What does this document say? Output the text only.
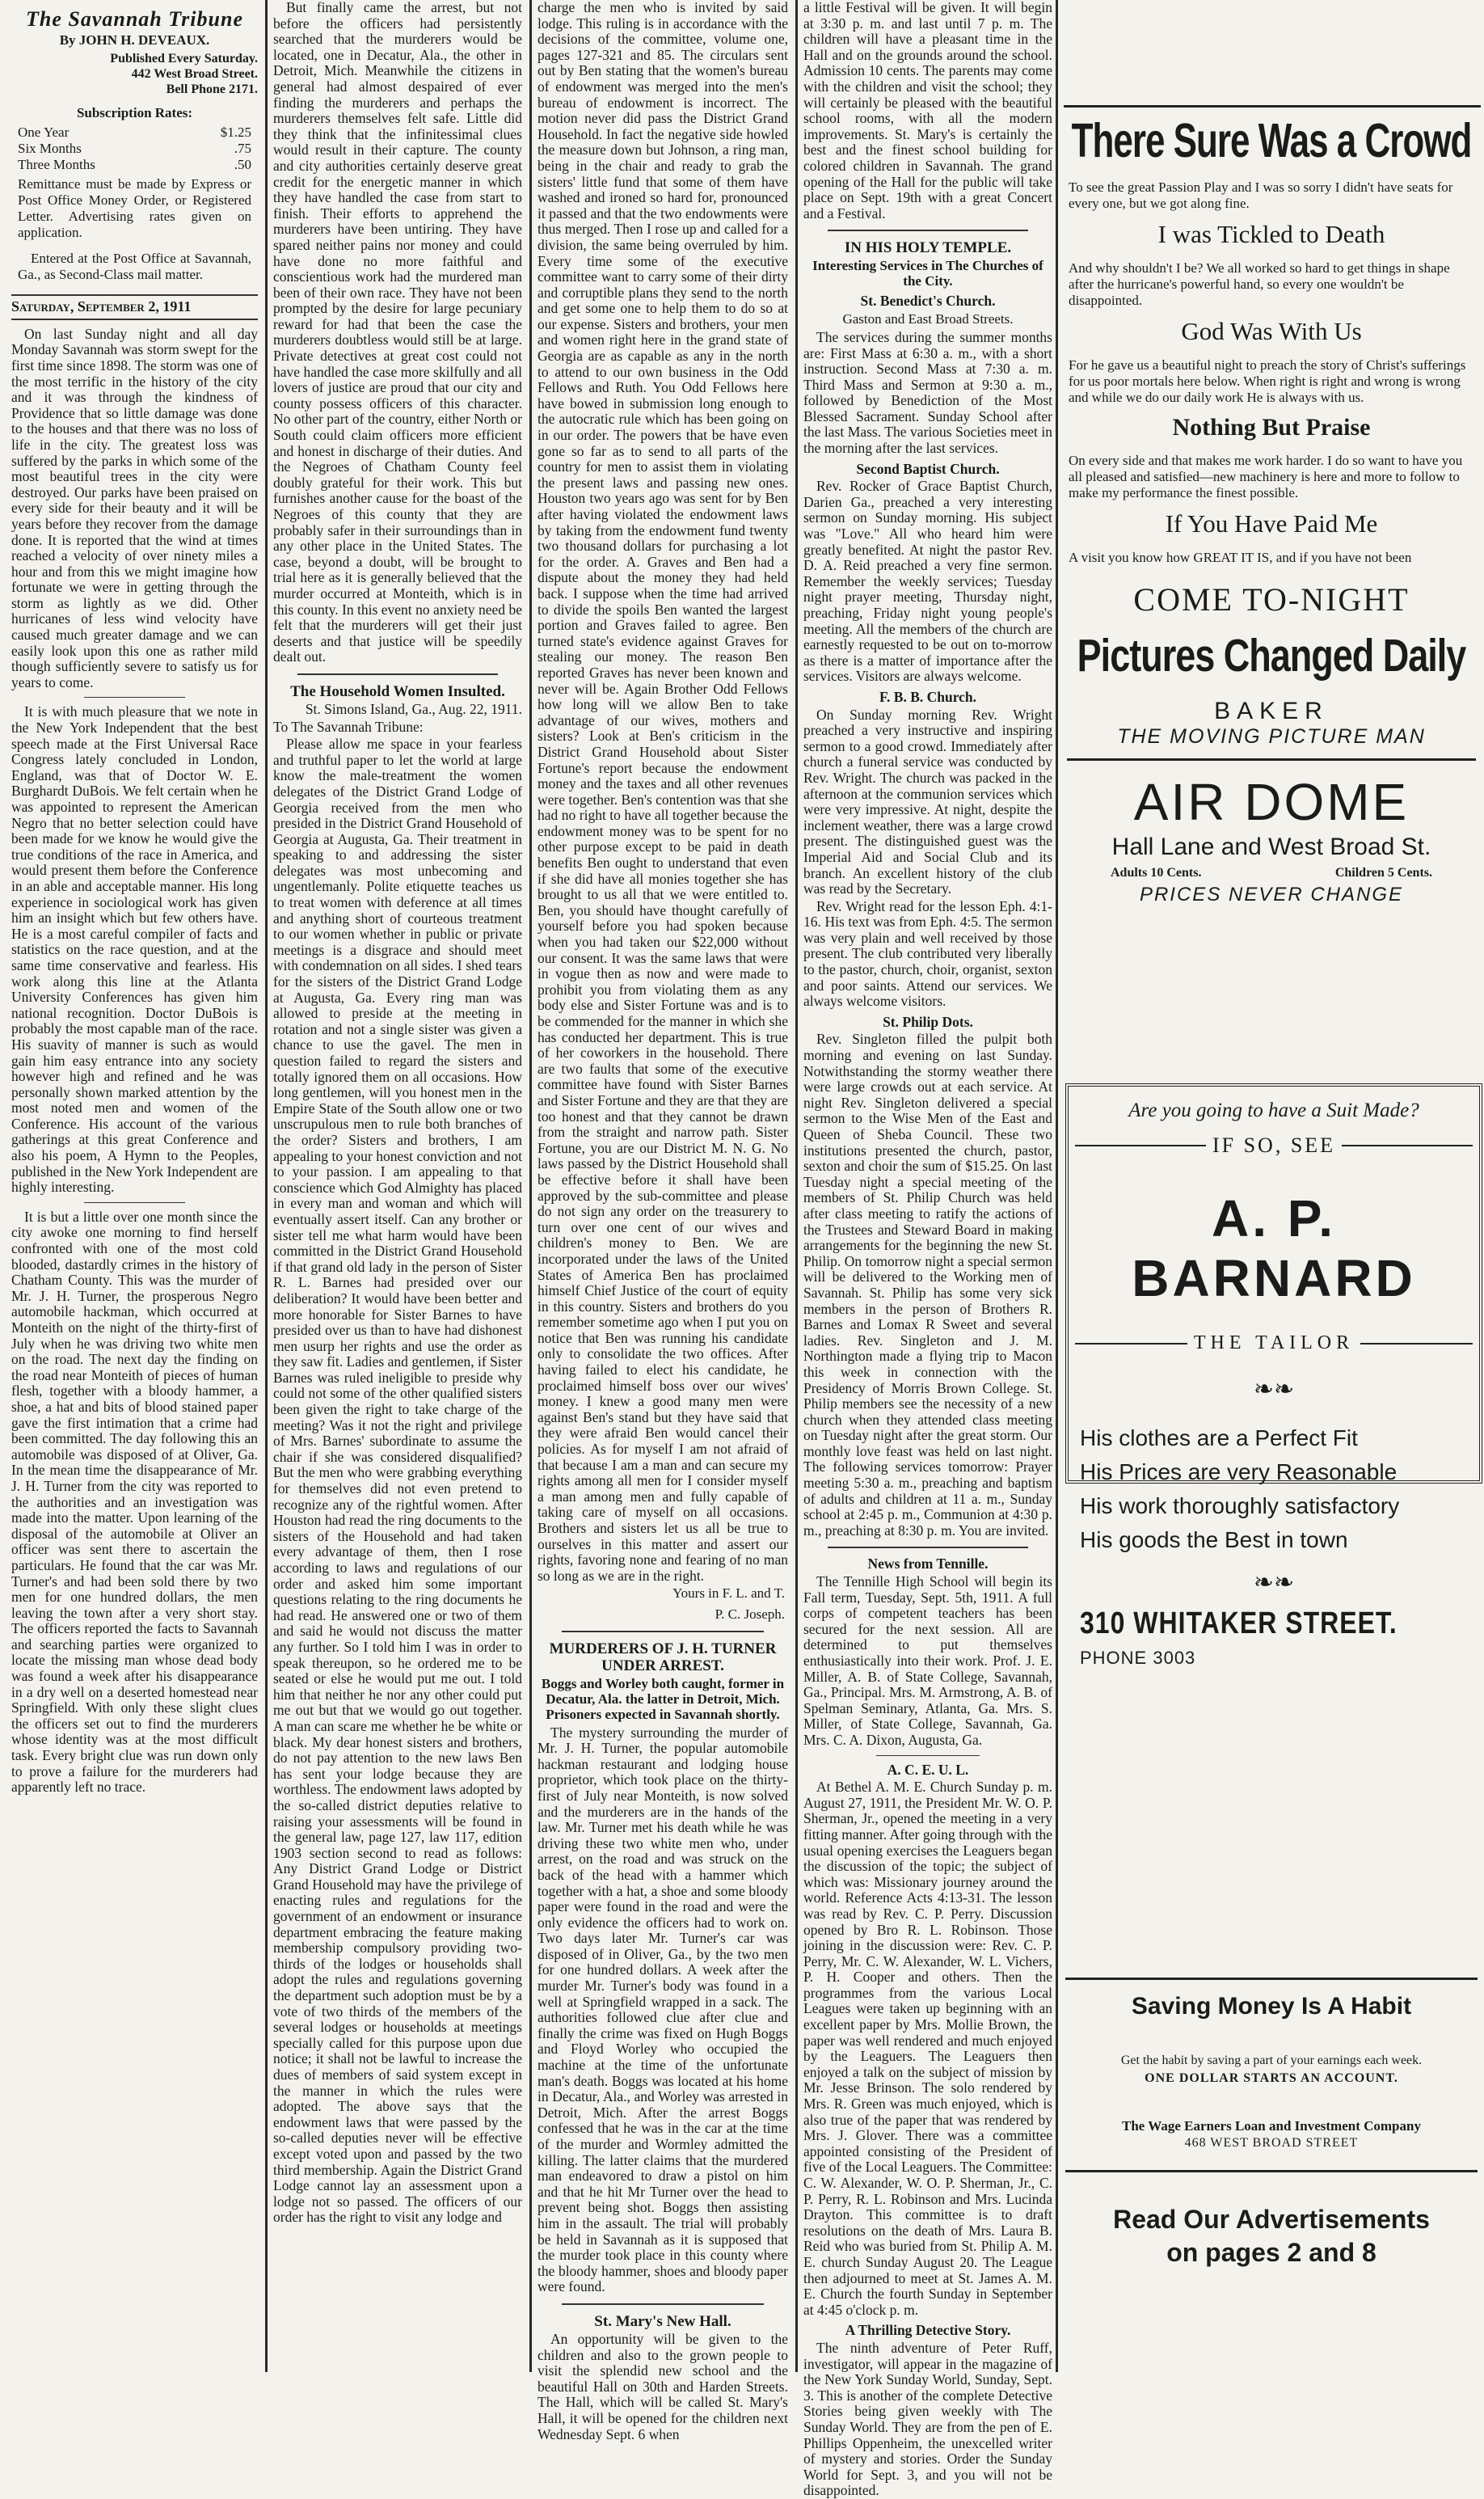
The Savannah Tribune
By JOHN H. DEVEAUX.
Published Every Saturday.
442 West Broad Street.
Bell Phone 2171.
Subscription Rates:
One Year	$1.25
Six Months	.75
Three Months	.50

Remittance must be made by Express or Post Office Money Order, or Registered Letter. Advertising rates given on application.

Entered at the Post Office at Savannah, Ga., as Second-Class mail matter.

Saturday, September 2, 1911

On last Sunday night and all day Monday Savannah was storm swept for the first time since 1898. The storm was one of the most terrific in the history of the city and it was through the kindness of Providence that so little damage was done to the houses and that there was no loss of life in the city. The greatest loss was suffered by the parks in which some of the most beautiful trees in the city were destroyed. Our parks have been praised on every side for their beauty and it will be years before they recover from the damage done. It is reported that the wind at times reached a velocity of over ninety miles a hour and from this we might imagine how fortunate we were in getting through the storm as lightly as we did. Other hurricanes of less wind velocity have caused much greater damage and we can easily look upon this one as rather mild though sufficiently severe to satisfy us for years to come.

It is with much pleasure that we note in the New York Independent that the best speech made at the First Universal Race Congress lately concluded in London, England, was that of Doctor W. E. Burghardt DuBois. We felt certain when he was appointed to represent the American Negro that no better selection could have been made for we know he would give the true conditions of the race in America, and would present them before the Conference in an able and acceptable manner. His long experience in sociological work has given him an insight which but few others have. He is a most careful compiler of facts and statistics on the race question, and at the same time conservative and fearless. His work along this line at the Atlanta University Conferences has given him national recognition. Doctor DuBois is probably the most capable man of the race. His suavity of manner is such as would gain him easy entrance into any society however high and refined and he was personally shown marked attention by the most noted men and women of the Conference. His account of the various gatherings at this great Conference and also his poem, A Hymn to the Peoples, published in the New York Independent are highly interesting.

It is but a little over one month since the city awoke one morning to find herself confronted with one of the most cold blooded, dastardly crimes in the history of Chatham County. This was the murder of Mr. J. H. Turner, the prosperous Negro automobile hackman, which occurred at Monteith on the night of the thirty-first of July when he was driving two white men on the road. The next day the finding on the road near Monteith of pieces of human flesh, together with a bloody hammer, a shoe, a hat and bits of blood stained paper gave the first intimation that a crime had been committed. The day following this an automobile was disposed of at Oliver, Ga. In the mean time the disappearance of Mr. J. H. Turner from the city was reported to the authorities and an investigation was made into the matter. Upon learning of the disposal of the automobile at Oliver an officer was sent there to ascertain the particulars. He found that the car was Mr. Turner's and had been sold there by two men for one hundred dollars, the men leaving the town after a very short stay. The officers reported the facts to Savannah and searching parties were organized to locate the missing man whose dead body was found a week after his disappearance in a dry well on a deserted homestead near Springfield. With only these slight clues the officers set out to find the murderers whose identity was at the most difficult task. Every bright clue was run down only to prove a failure for the murderers had apparently left no trace.

But finally came the arrest, but not before the officers had persistently searched that the murderers would be located, one in Decatur, Ala., the other in Detroit, Mich. Meanwhile the citizens in general had almost despaired of ever finding the murderers and perhaps the murderers themselves felt safe. Little did they think that the infinitessimal clues would result in their capture. The county and city authorities certainly deserve great credit for the energetic manner in which they have handled the case from start to finish. Their efforts to apprehend the murderers have been untiring. They have spared neither pains nor money and could have done no more faithful and conscientious work had the murdered man been of their own race. They have not been prompted by the desire for large pecuniary reward for had that been the case the murderers doubtless would still be at large. Private detectives at great cost could not have handled the case more skilfully and all lovers of justice are proud that our city and county possess officers of this character. No other part of the country, either North or South could claim officers more efficient and honest in discharge of their duties. And the Negroes of Chatham County feel doubly grateful for their work. This but furnishes another cause for the boast of the Negroes of this county that they are probably safer in their surroundings than in any other place in the United States. The case, beyond a doubt, will be brought to trial here as it is generally believed that the murder occurred at Monteith, which is in this county. In this event no anxiety need be felt that the murderers will get their just deserts and that justice will be speedily dealt out.

The Household Women Insulted.

St. Simons Island, Ga., Aug. 22, 1911.

To The Savannah Tribune:

Please allow me space in your fearless and truthful paper to let the world at large know the male-treatment the women delegates of the District Grand Lodge of Georgia received from the men who presided in the District Grand Household of Georgia at Augusta, Ga. Their treatment in speaking to and addressing the sister delegates was most unbecoming and ungentlemanly. Polite etiquette teaches us to treat women with deference at all times and anything short of courteous treatment to our women whether in public or private meetings is a disgrace and should meet with condemnation on all sides. I shed tears for the sisters of the District Grand Lodge at Augusta, Ga. Every ring man was allowed to preside at the meeting in rotation and not a single sister was given a chance to use the gavel. The men in question failed to regard the sisters and totally ignored them on all occasions. How long gentlemen, will you honest men in the Empire State of the South allow one or two unscrupulous men to rule both branches of the order? Sisters and brothers, I am appealing to your honest conviction and not to your passion. I am appealing to that conscience which God Almighty has placed in every man and woman and which will eventually assert itself. Can any brother or sister tell me what harm would have been committed in the District Grand Household if that grand old lady in the person of Sister R. L. Barnes had presided over our deliberation? It would have been better and more honorable for Sister Barnes to have presided over us than to have had dishonest men usurp her rights and use the order as they saw fit. Ladies and gentlemen, if Sister Barnes was ruled ineligible to preside why could not some of the other qualified sisters been given the right to take charge of the meeting? Was it not the right and privilege of Mrs. Barnes' subordinate to assume the chair if she was considered disqualified? But the men who were grabbing everything for themselves did not even pretend to recognize any of the rightful women. After Houston had read the ring documents to the sisters of the Household and had taken every advantage of them, then I rose according to laws and regulations of our order and asked him some important questions relating to the ring documents he had read. He answered one or two of them and said he would not discuss the matter any further. So I told him I was in order to speak thereupon, so he ordered me to be seated or else he would put me out. I told him that neither he nor any other could put me out but that we would go out together. A man can scare me whether he be white or black. My dear honest sisters and brothers, do not pay attention to the new laws Ben has sent your lodge because they are worthless. The endowment laws adopted by the so-called district deputies relative to raising your assessments will be found in the general law, page 127, law 117, edition 1903 section second to read as follows: Any District Grand Lodge or District Grand Household may have the privilege of enacting rules and regulations for the government of an endowment or insurance department embracing the feature making membership compulsory providing two-thirds of the lodges or households shall adopt the rules and regulations governing the department such adoption must be by a vote of two thirds of the members of the several lodges or households at meetings specially called for this purpose upon due notice; it shall not be lawful to increase the dues of members of said system except in the manner in which the rules were adopted. The above says that the endowment laws that were passed by the so-called deputies never will be effective except voted upon and passed by the two third membership. Again the District Grand Lodge cannot lay an assessment upon a lodge not so passed. The officers of our order has the right to visit any lodge and

charge the men who is invited by said lodge. This ruling is in accordance with the decisions of the committee, volume one, pages 127-321 and 85. The circulars sent out by Ben stating that the women's bureau of endowment was merged into the men's bureau of endowment is incorrect. The motion never did pass the District Grand Household. In fact the negative side howled the measure down but Johnson, a ring man, being in the chair and ready to grab the sisters' little fund that some of them have washed and ironed so hard for, pronounced it passed and that the two endowments were thus merged. Then I rose up and called for a division, the same being overruled by him. Every time some of the executive committee want to carry some of their dirty and corruptible plans they send to the north and get some one to help them to do so at our expense. Sisters and brothers, your men and women right here in the grand state of Georgia are as capable as any in the north to attend to our own business in the Odd Fellows and Ruth. You Odd Fellows here have bowed in submission long enough to the autocratic rule which has been going on in our order. The powers that be have even gone so far as to send to all parts of the country for men to assist them in violating the present laws and passing new ones. Houston two years ago was sent for by Ben after having violated the endowment laws by taking from the endowment fund twenty two thousand dollars for purchasing a lot for the order. A. Graves and Ben had a dispute about the money they had held back. I suppose when the time had arrived to divide the spoils Ben wanted the largest portion and Graves failed to agree. Ben turned state's evidence against Graves for stealing our money. The reason Ben reported Graves has never been known and never will be. Again Brother Odd Fellows how long will we allow Ben to take advantage of our wives, mothers and sisters? Look at Ben's criticism in the District Grand Household about Sister Fortune's report because the endowment money and the taxes and all other revenues were together. Ben's contention was that she had no right to have all together because the endowment money was to be spent for no other purpose except to be paid in death benefits Ben ought to understand that even if she did have all monies together she has brought to us all that we were entitled to. Ben, you should have thought carefully of yourself before you had spoken because when you had taken our $22,000 without our consent. It was the same laws that were in vogue then as now and were made to prohibit you from violating them as any body else and Sister Fortune was and is to be commended for the manner in which she has conducted her department. This is true of her coworkers in the household. There are two faults that some of the executive committee have found with Sister Barnes and Sister Fortune and they are that they are too honest and that they cannot be drawn from the straight and narrow path. Sister Fortune, you are our District M. N. G. No laws passed by the District Household shall be effective before it shall have been approved by the sub-committee and please do not sign any order on the treasurery to turn over one cent of our wives and children's money to Ben. We are incorporated under the laws of the United States of America Ben has proclaimed himself Chief Justice of the court of equity in this country. Sisters and brothers do you remember sometime ago when I put you on notice that Ben was running his candidate only to consolidate the two offices. After having failed to elect his candidate, he proclaimed himself boss over our wives' money. I knew a good many men were against Ben's stand but they have said that they were afraid Ben would cancel their policies. As for myself I am not afraid of that because I am a man and can secure my rights among all men for I consider myself a man among men and fully capable of taking care of myself on all occasions. Brothers and sisters let us all be true to ourselves in this matter and assert our rights, favoring none and fearing of no man so long as we are in the right.

Yours in F. L. and T.
P. C. Joseph.
MURDERERS OF J. H. TURNER UNDER ARREST.
Boggs and Worley both caught, former in Decatur, Ala. the latter in Detroit, Mich. Prisoners expected in Savannah shortly.

The mystery surrounding the murder of Mr. J. H. Turner, the popular automobile hackman restaurant and lodging house proprietor, which took place on the thirty-first of July near Monteith, is now solved and the murderers are in the hands of the law. Mr. Turner met his death while he was driving these two white men who, under arrest, on the road and was struck on the back of the head with a hammer which together with a hat, a shoe and some bloody paper were found in the road and were the only evidence the officers had to work on. Two days later Mr. Turner's car was disposed of in Oliver, Ga., by the two men for one hundred dollars. A week after the murder Mr. Turner's body was found in a well at Springfield wrapped in a sack. The authorities followed clue after clue and finally the crime was fixed on Hugh Boggs and Floyd Worley who occupied the machine at the time of the unfortunate man's death. Boggs was located at his home in Decatur, Ala., and Worley was arrested in Detroit, Mich. After the arrest Boggs confessed that he was in the car at the time of the murder and Wormley admitted the killing. The latter claims that the murdered man endeavored to draw a pistol on him and that he hit Mr Turner over the head to prevent being shot. Boggs then assisting him in the assault. The trial will probably be held in Savannah as it is supposed that the murder took place in this county where the bloody hammer, shoes and bloody paper were found.

St. Mary's New Hall.

An opportunity will be given to the children and also to the grown people to visit the splendid new school and the beautiful Hall on 30th and Harden Streets. The Hall, which will be called St. Mary's Hall, it will be opened for the children next Wednesday Sept. 6 when

a little Festival will be given. It will begin at 3:30 p. m. and last until 7 p. m. The children will have a pleasant time in the Hall and on the grounds around the school. Admission 10 cents. The parents may come with the children and visit the school; they will certainly be pleased with the beautiful school rooms, with all the modern improvements. St. Mary's is certainly the best and the finest school building for colored children in Savannah. The grand opening of the Hall for the public will take place on Sept. 19th with a great Concert and a Festival.

IN HIS HOLY TEMPLE.
Interesting Services in The Churches of the City.
St. Benedict's Church.
Gaston and East Broad Streets.

The services during the summer months are: First Mass at 6:30 a. m., with a short instruction. Second Mass at 7:30 a. m. Third Mass and Sermon at 9:30 a. m., followed by Benediction of the Most Blessed Sacrament. Sunday School after the last Mass. The various Societies meet in the morning after the last services.

Second Baptist Church.

Rev. Rocker of Grace Baptist Church, Darien Ga., preached a very interesting sermon on Sunday morning. His subject was "Love." All who heard him were greatly benefited. At night the pastor Rev. D. A. Reid preached a very fine sermon. Remember the weekly services; Tuesday night prayer meeting, Thursday night, preaching, Friday night young people's meeting. All the members of the church are earnestly requested to be out on to-morrow as there is a matter of importance after the services. Visitors are always welcome.

F. B. B. Church.

On Sunday morning Rev. Wright preached a very instructive and inspiring sermon to a good crowd. Immediately after church a funeral service was conducted by Rev. Wright. The church was packed in the afternoon at the communion services which were very impressive. At night, despite the inclement weather, there was a large crowd present. The distinguished guest was the Imperial Aid and Social Club and its branch. An excellent history of the club was read by the Secretary.

Rev. Wright read for the lesson Eph. 4:1-16. His text was from Eph. 4:5. The sermon was very plain and well received by those present. The club contributed very liberally to the pastor, church, choir, organist, sexton and poor saints. Attend our services. We always welcome visitors.

St. Philip Dots.

Rev. Singleton filled the pulpit both morning and evening on last Sunday. Notwithstanding the stormy weather there were large crowds out at each service. At night Rev. Singleton delivered a special sermon to the Wise Men of the East and Queen of Sheba Council. These two institutions presented the church, pastor, sexton and choir the sum of $15.25. On last Tuesday night a special meeting of the members of St. Philip Church was held after class meeting to ratify the actions of the Trustees and Steward Board in making arrangements for the beginning the new St. Philip. On tomorrow night a special sermon will be delivered to the Working men of Savannah. St. Philip has some very sick members in the person of Brothers R. Barnes and Lomax R Sweet and several ladies. Rev. Singleton and J. M. Northington made a flying trip to Macon this week in connection with the Presidency of Morris Brown College. St. Philip members see the necessity of a new church when they attended class meeting on Tuesday night after the great storm. Our monthly love feast was held on last night. The following services tomorrow: Prayer meeting 5:30 a. m., preaching and baptism of adults and children at 11 a. m., Sunday school at 2:45 p. m., Communion at 4:30 p. m., preaching at 8:30 p. m. You are invited.

News from Tennille.

The Tennille High School will begin its Fall term, Tuesday, Sept. 5th, 1911. A full corps of competent teachers has been secured for the next session. All are determined to put themselves enthusiastically into their work. Prof. J. E. Miller, A. B. of State College, Savannah, Ga., Principal. Mrs. M. Armstrong, A. B. of Spelman Seminary, Atlanta, Ga. Mrs. S. Miller, of State College, Savannah, Ga. Mrs. C. A. Dixon, Augusta, Ga.

A. C. E. U. L.

At Bethel A. M. E. Church Sunday p. m. August 27, 1911, the President Mr. W. O. P. Sherman, Jr., opened the meeting in a very fitting manner. After going through with the usual opening exercises the Leaguers began the discussion of the topic; the subject of which was: Missionary journey around the world. Reference Acts 4:13-31. The lesson was read by Rev. C. P. Perry. Discussion opened by Bro R. L. Robinson. Those joining in the discussion were: Rev. C. P. Perry, Mr. C. W. Alexander, W. L. Vichers, P. H. Cooper and others. Then the programmes from the various Local Leagues were taken up beginning with an excellent paper by Mrs. Mollie Brown, the paper was well rendered and much enjoyed by the Leaguers. The Leaguers then enjoyed a talk on the subject of mission by Mr. Jesse Brinson. The solo rendered by Mrs. R. Green was much enjoyed, which is also true of the paper that was rendered by Mrs. J. Glover. There was a committee appointed consisting of the President of five of the Local Leaguers. The Committee: C. W. Alexander, W. O. P. Sherman, Jr., C. P. Perry, R. L. Robinson and Mrs. Lucinda Drayton. This committee is to draft resolutions on the death of Mrs. Laura B. Reid who was buried from St. Philip A. M. E. church Sunday August 20. The League then adjourned to meet at St. James A. M. E. Church the fourth Sunday in September at 4:45 o'clock p. m.

A Thrilling Detective Story.

The ninth adventure of Peter Ruff, investigator, will appear in the magazine of the New York Sunday World, Sunday, Sept. 3. This is another of the complete Detective Stories being given weekly with The Sunday World. They are from the pen of E. Phillips Oppenheim, the unexcelled writer of mystery and stories. Order the Sunday World for Sept. 3, and you will not be disappointed.

There Sure Was a Crowd
To see the great Passion Play and I was so sorry I didn't have seats for every one, but we got along fine.
I was Tickled to Death
And why shouldn't I be? We all worked so hard to get things in shape after the hurricane's powerful hand, so every one wouldn't be disappointed.
God Was With Us
For he gave us a beautiful night to preach the story of Christ's sufferings for us poor mortals here below. When right is right and wrong is wrong and while we do our daily work He is always with us.
Nothing But Praise
On every side and that makes me work harder. I do so want to have you all pleased and satisfied—new machinery is here and more to follow to make my performance the finest possible.
If You Have Paid Me
A visit you know how GREAT IT IS, and if you have not been
COME TO-NIGHT
Pictures Changed Daily
BAKER
THE MOVING PICTURE MAN
AIR DOME
Hall Lane and West Broad St.
Adults 10 Cents.	Children 5 Cents.
PRICES NEVER CHANGE
Are you going to have a Suit Made?
IF SO, SEE
A. P. BARNARD
THE TAILOR
❧❧
His clothes are a Perfect Fit
His Prices are very Reasonable
His work thoroughly satisfactory
His goods the Best in town
❧❧
310 WHITAKER STREET.
PHONE 3003
Saving Money Is A Habit
Get the habit by saving a part of your earnings each week.
ONE DOLLAR STARTS AN ACCOUNT.
The Wage Earners Loan and Investment Company
468 WEST BROAD STREET
Read Our Advertisements
on pages 2 and 8
